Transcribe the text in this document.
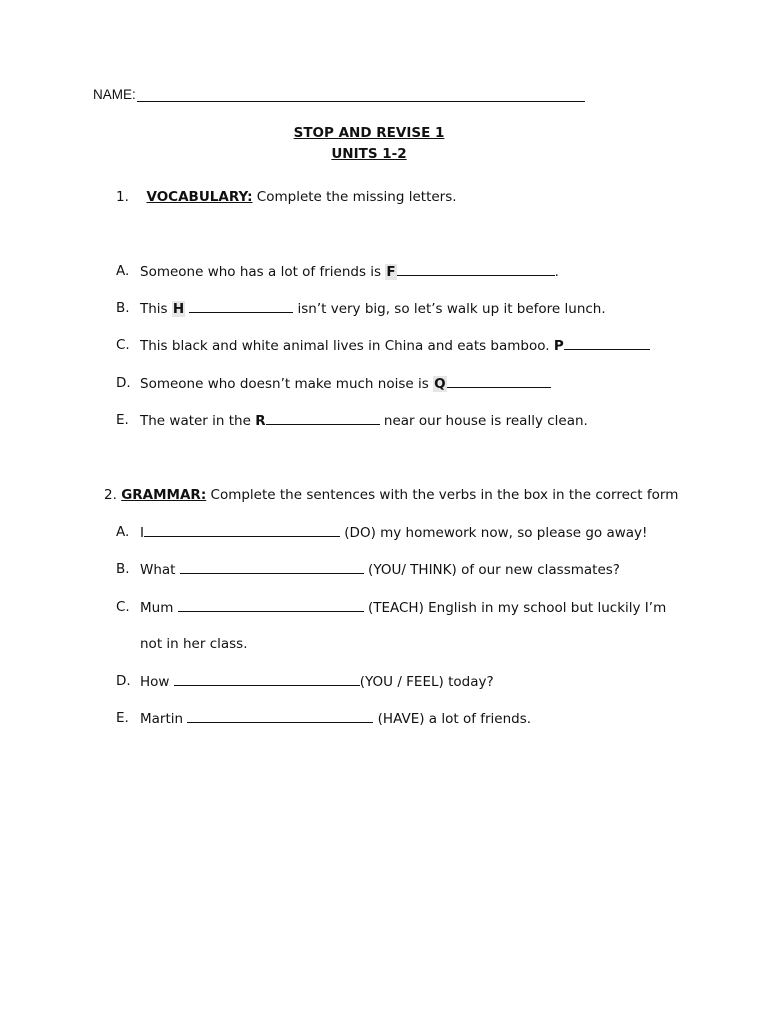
NAME:
STOP AND REVISE 1
UNITS 1-2
1. VOCABULARY: Complete the missing letters.
A. Someone who has a lot of friends is F	.
B. This H	isn’t very big, so let’s walk up it before lunch.
C. This black and white animal lives in China and eats bamboo. P
D. Someone who doesn’t make much noise is Q
E. The water in the R	near our house is really clean.
2. GRAMMAR: Complete the sentences with the verbs in the box in the correct form
A. I	(DO) my homework now, so please go away!
B. What	(YOU/ THINK) of our new classmates?
C. Mum	(TEACH) English in my school but luckily I’m
not in her class.
D. How	(YOU / FEEL) today?
E. Martin	(HAVE) a lot of friends.
